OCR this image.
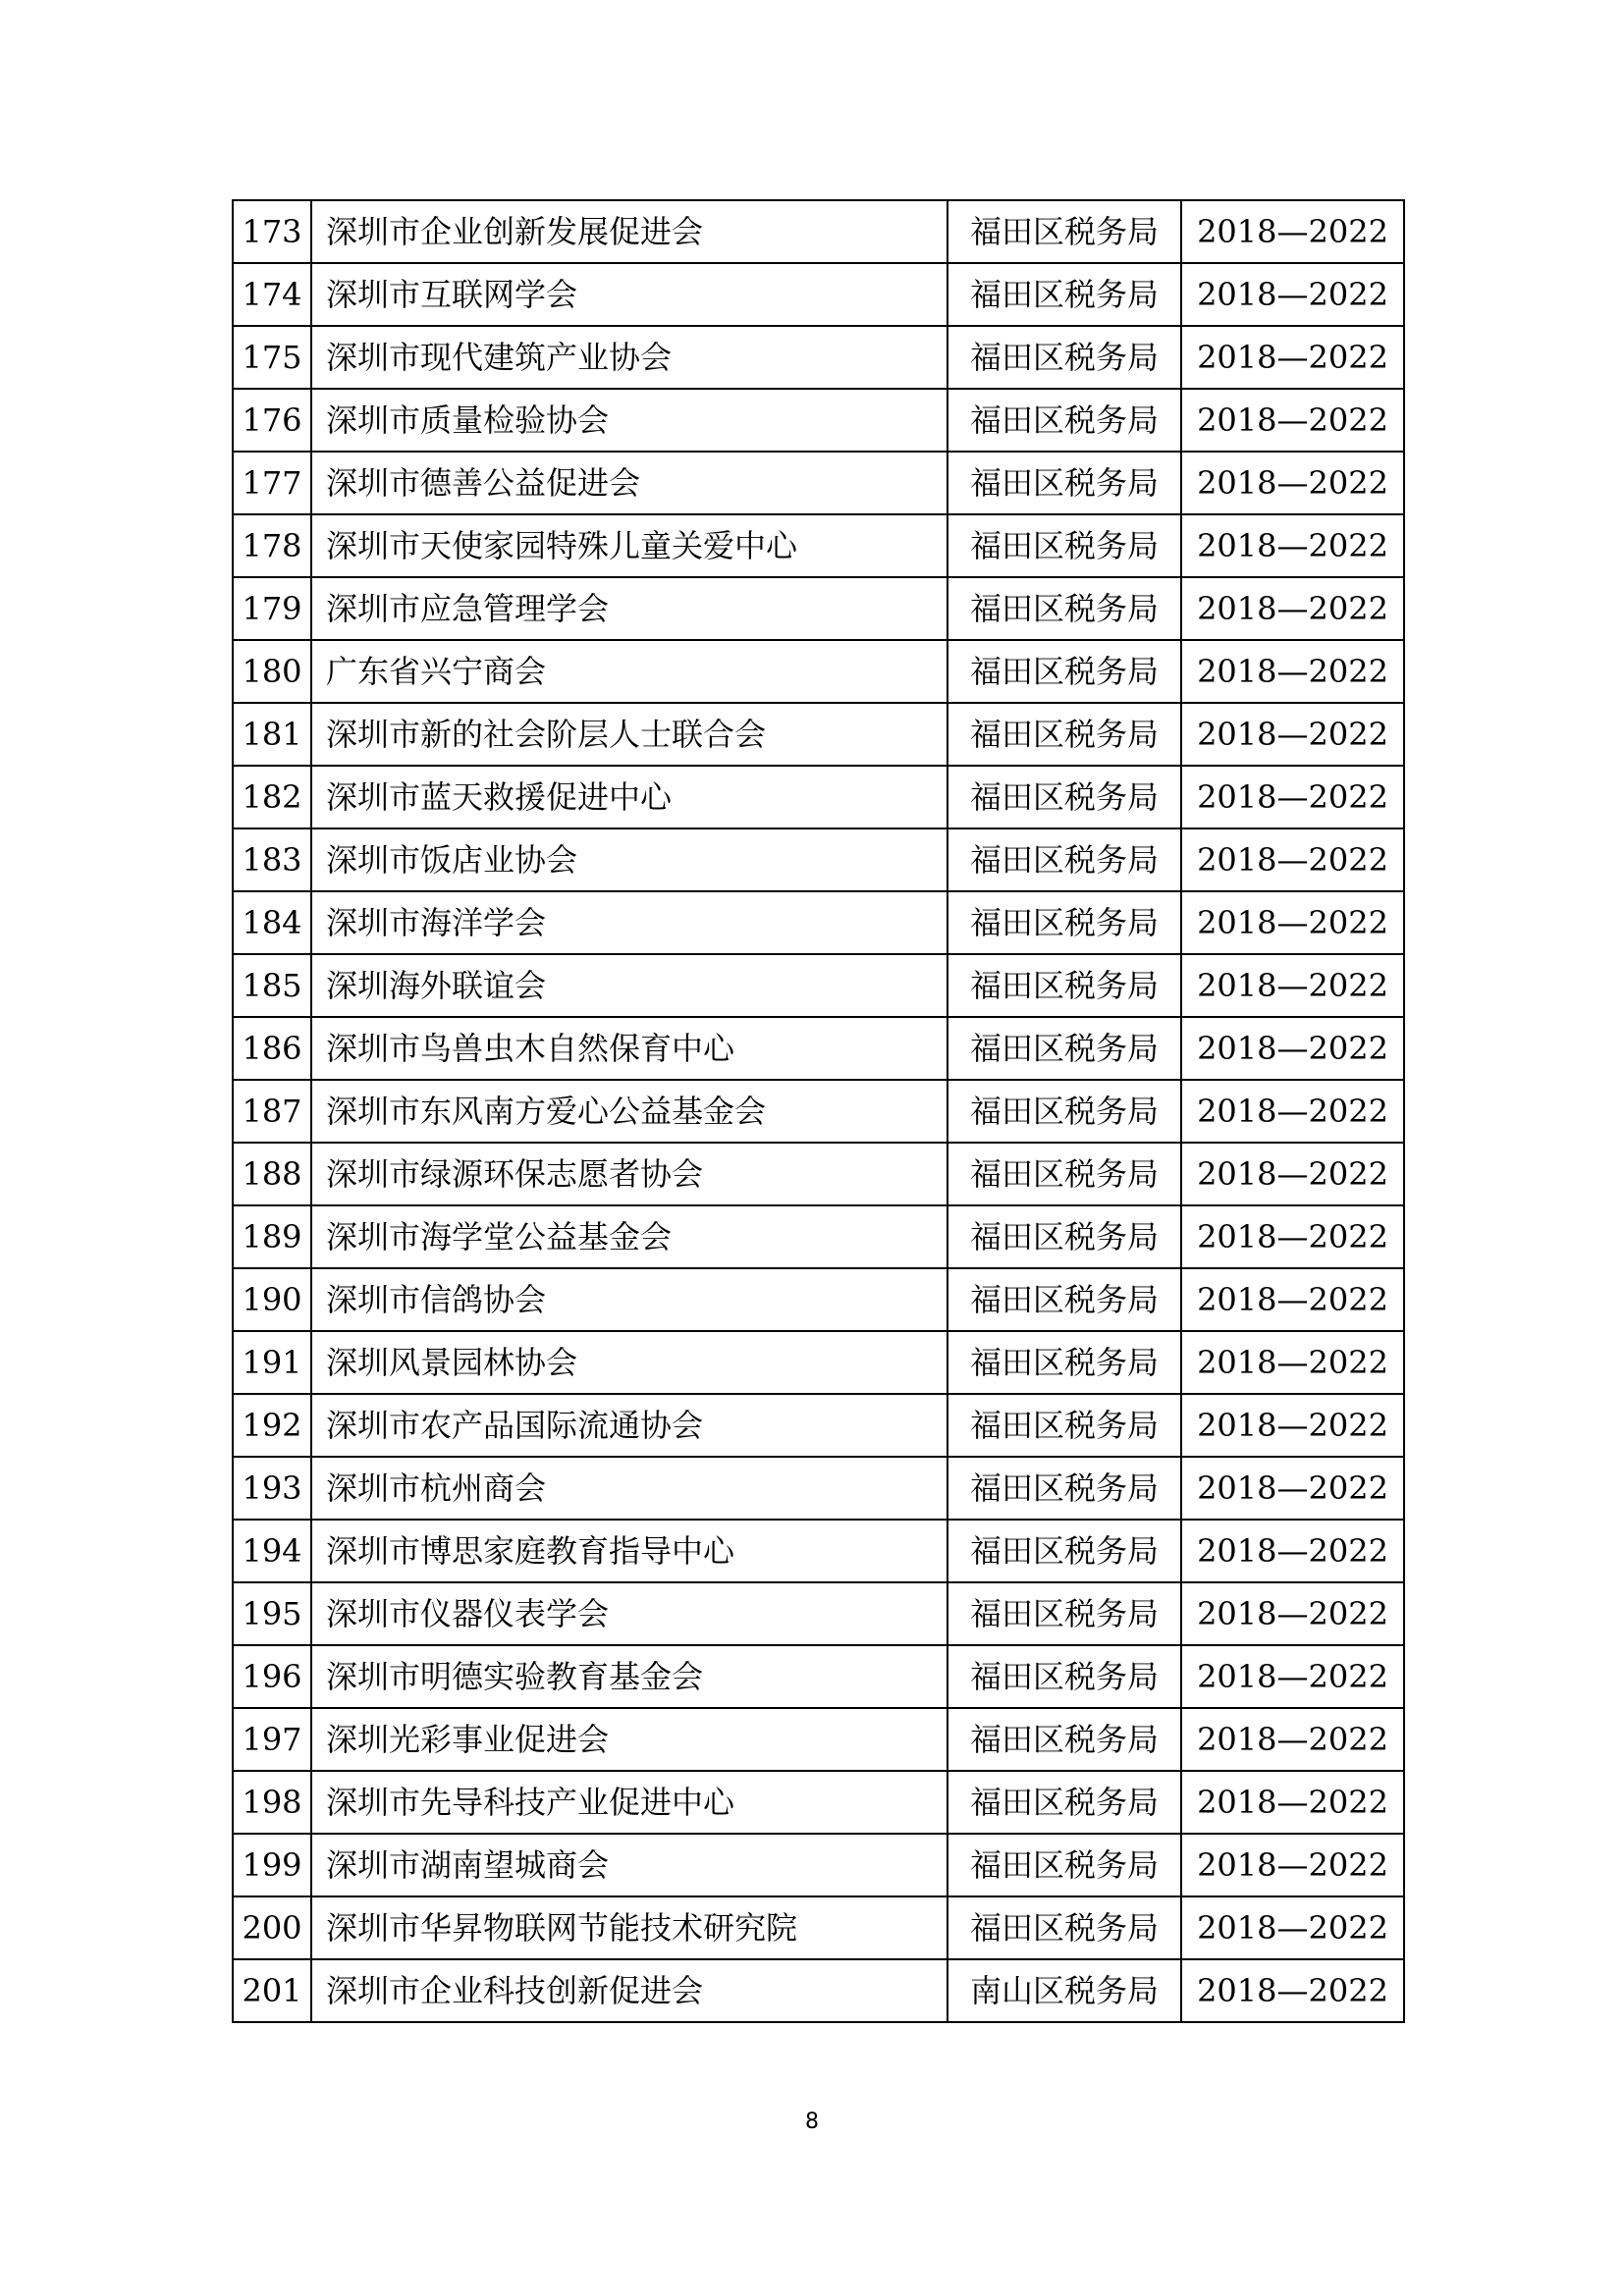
173	深圳市企业创新发展促进会	福田区税务局	2018—2022
174	深圳市互联网学会	福田区税务局	2018—2022
175	深圳市现代建筑产业协会	福田区税务局	2018—2022
176	深圳市质量检验协会	福田区税务局	2018—2022
177	深圳市德善公益促进会	福田区税务局	2018—2022
178	深圳市天使家园特殊儿童关爱中心	福田区税务局	2018—2022
179	深圳市应急管理学会	福田区税务局	2018—2022
180	广东省兴宁商会	福田区税务局	2018—2022
181	深圳市新的社会阶层人士联合会	福田区税务局	2018—2022
182	深圳市蓝天救援促进中心	福田区税务局	2018—2022
183	深圳市饭店业协会	福田区税务局	2018—2022
184	深圳市海洋学会	福田区税务局	2018—2022
185	深圳海外联谊会	福田区税务局	2018—2022
186	深圳市鸟兽虫木自然保育中心	福田区税务局	2018—2022
187	深圳市东风南方爱心公益基金会	福田区税务局	2018—2022
188	深圳市绿源环保志愿者协会	福田区税务局	2018—2022
189	深圳市海学堂公益基金会	福田区税务局	2018—2022
190	深圳市信鸽协会	福田区税务局	2018—2022
191	深圳风景园林协会	福田区税务局	2018—2022
192	深圳市农产品国际流通协会	福田区税务局	2018—2022
193	深圳市杭州商会	福田区税务局	2018—2022
194	深圳市博思家庭教育指导中心	福田区税务局	2018—2022
195	深圳市仪器仪表学会	福田区税务局	2018—2022
196	深圳市明德实验教育基金会	福田区税务局	2018—2022
197	深圳光彩事业促进会	福田区税务局	2018—2022
198	深圳市先导科技产业促进中心	福田区税务局	2018—2022
199	深圳市湖南望城商会	福田区税务局	2018—2022
200	深圳市华昇物联网节能技术研究院	福田区税务局	2018—2022
201	深圳市企业科技创新促进会	南山区税务局	2018—2022
8
